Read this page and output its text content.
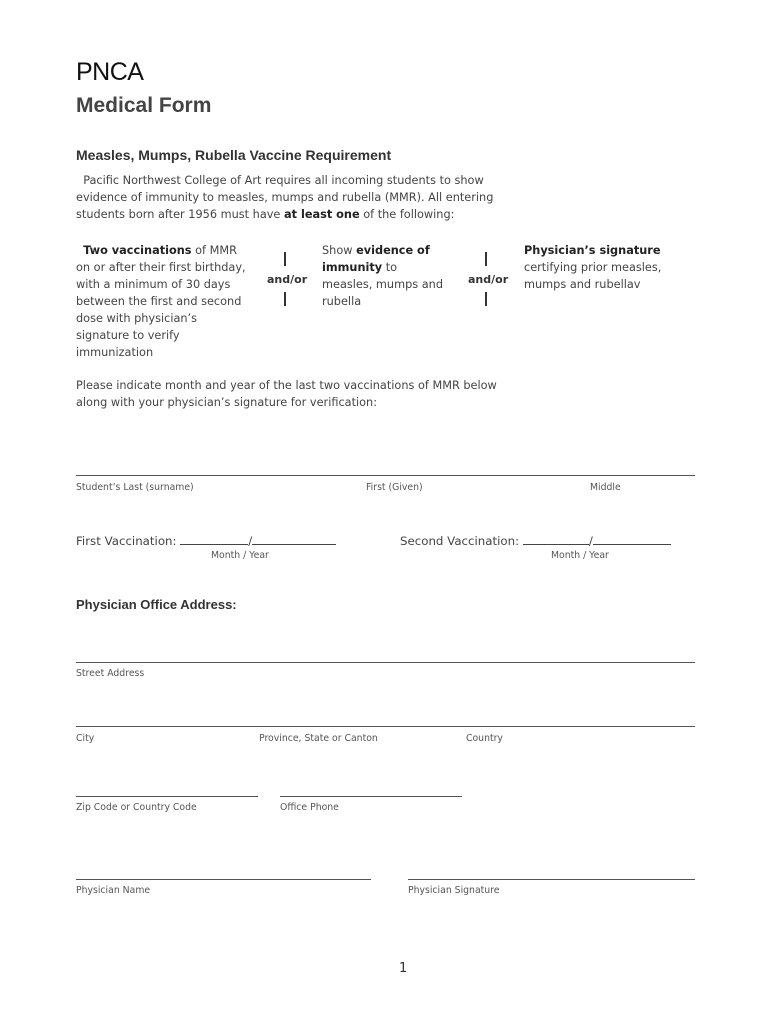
PNCA
Medical Form
Measles, Mumps, Rubella Vaccine Requirement
Pacific Northwest College of Art requires all incoming students to show evidence of immunity to measles, mumps and rubella (MMR). All entering students born after 1956 must have at least one of the following:
Two vaccinations of MMR on or after their first birthday, with a minimum of 30 days between the first and second dose with physician’s signature to verify immunization
and/or
Show evidence of immunity to measles, mumps and rubella
and/or
Physician’s signature certifying prior measles, mumps and rubellav
Please indicate month and year of the last two vaccinations of MMR below along with your physician’s signature for verification:
Student’s Last (surname)	First (Given)	Middle
First Vaccination:	/
Month / Year
Second Vaccination:	/
Month / Year
Physician Office Address:
Street Address
City	Province, State or Canton	Country
Zip Code or Country Code	Office Phone
Physician Name	Physician Signature
1
